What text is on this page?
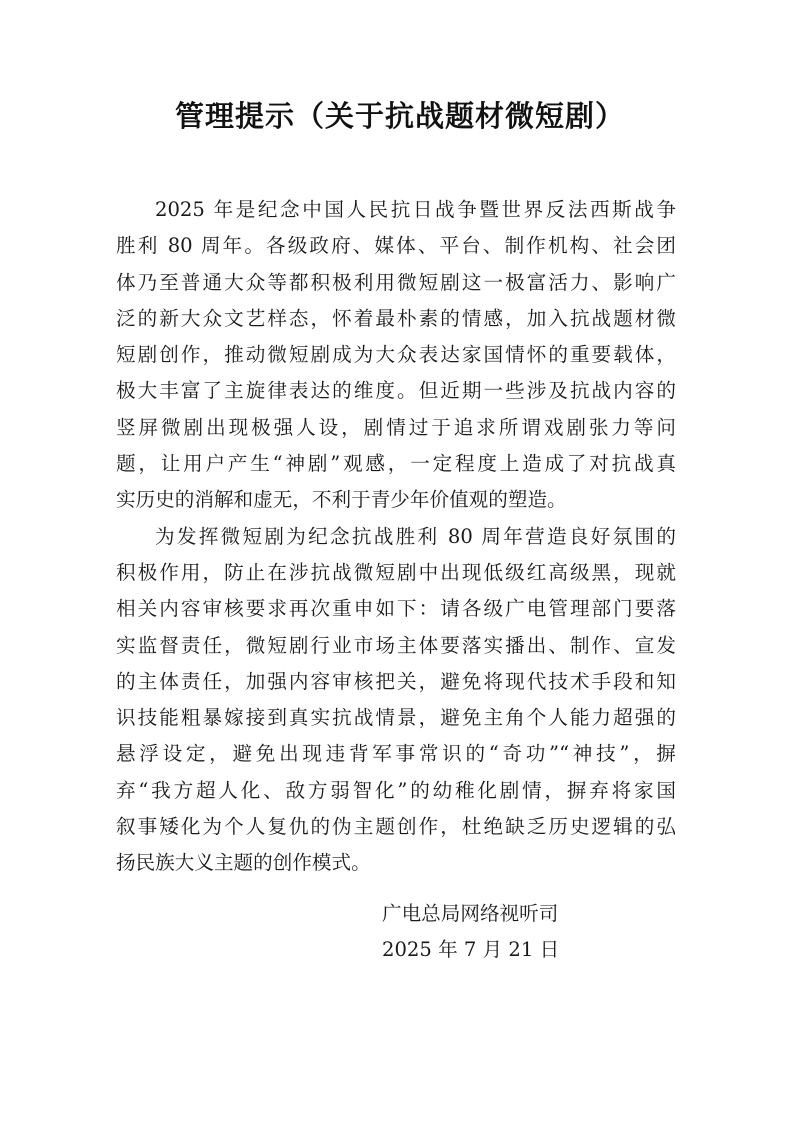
管理提示（关于抗战题材微短剧）
2025 年是纪念中国人民抗日战争暨世界反法西斯战争
胜利 80 周年。各级政府、媒体、平台、制作机构、社会团
体乃至普通大众等都积极利用微短剧这一极富活力、影响广
泛的新大众文艺样态，怀着最朴素的情感，加入抗战题材微
短剧创作，推动微短剧成为大众表达家国情怀的重要载体，
极大丰富了主旋律表达的维度。但近期一些涉及抗战内容的
竖屏微剧出现极强人设，剧情过于追求所谓戏剧张力等问
题，让用户产生“神剧”观感，一定程度上造成了对抗战真
实历史的消解和虚无，不利于青少年价值观的塑造。
为发挥微短剧为纪念抗战胜利 80 周年营造良好氛围的
积极作用，防止在涉抗战微短剧中出现低级红高级黑，现就
相关内容审核要求再次重申如下：请各级广电管理部门要落
实监督责任，微短剧行业市场主体要落实播出、制作、宣发
的主体责任，加强内容审核把关，避免将现代技术手段和知
识技能粗暴嫁接到真实抗战情景，避免主角个人能力超强的
悬浮设定，避免出现违背军事常识的“奇功”“神技”，摒
弃“我方超人化、敌方弱智化”的幼稚化剧情，摒弃将家国
叙事矮化为个人复仇的伪主题创作，杜绝缺乏历史逻辑的弘
扬民族大义主题的创作模式。
广电总局网络视听司
2025 年 7 月 21 日
